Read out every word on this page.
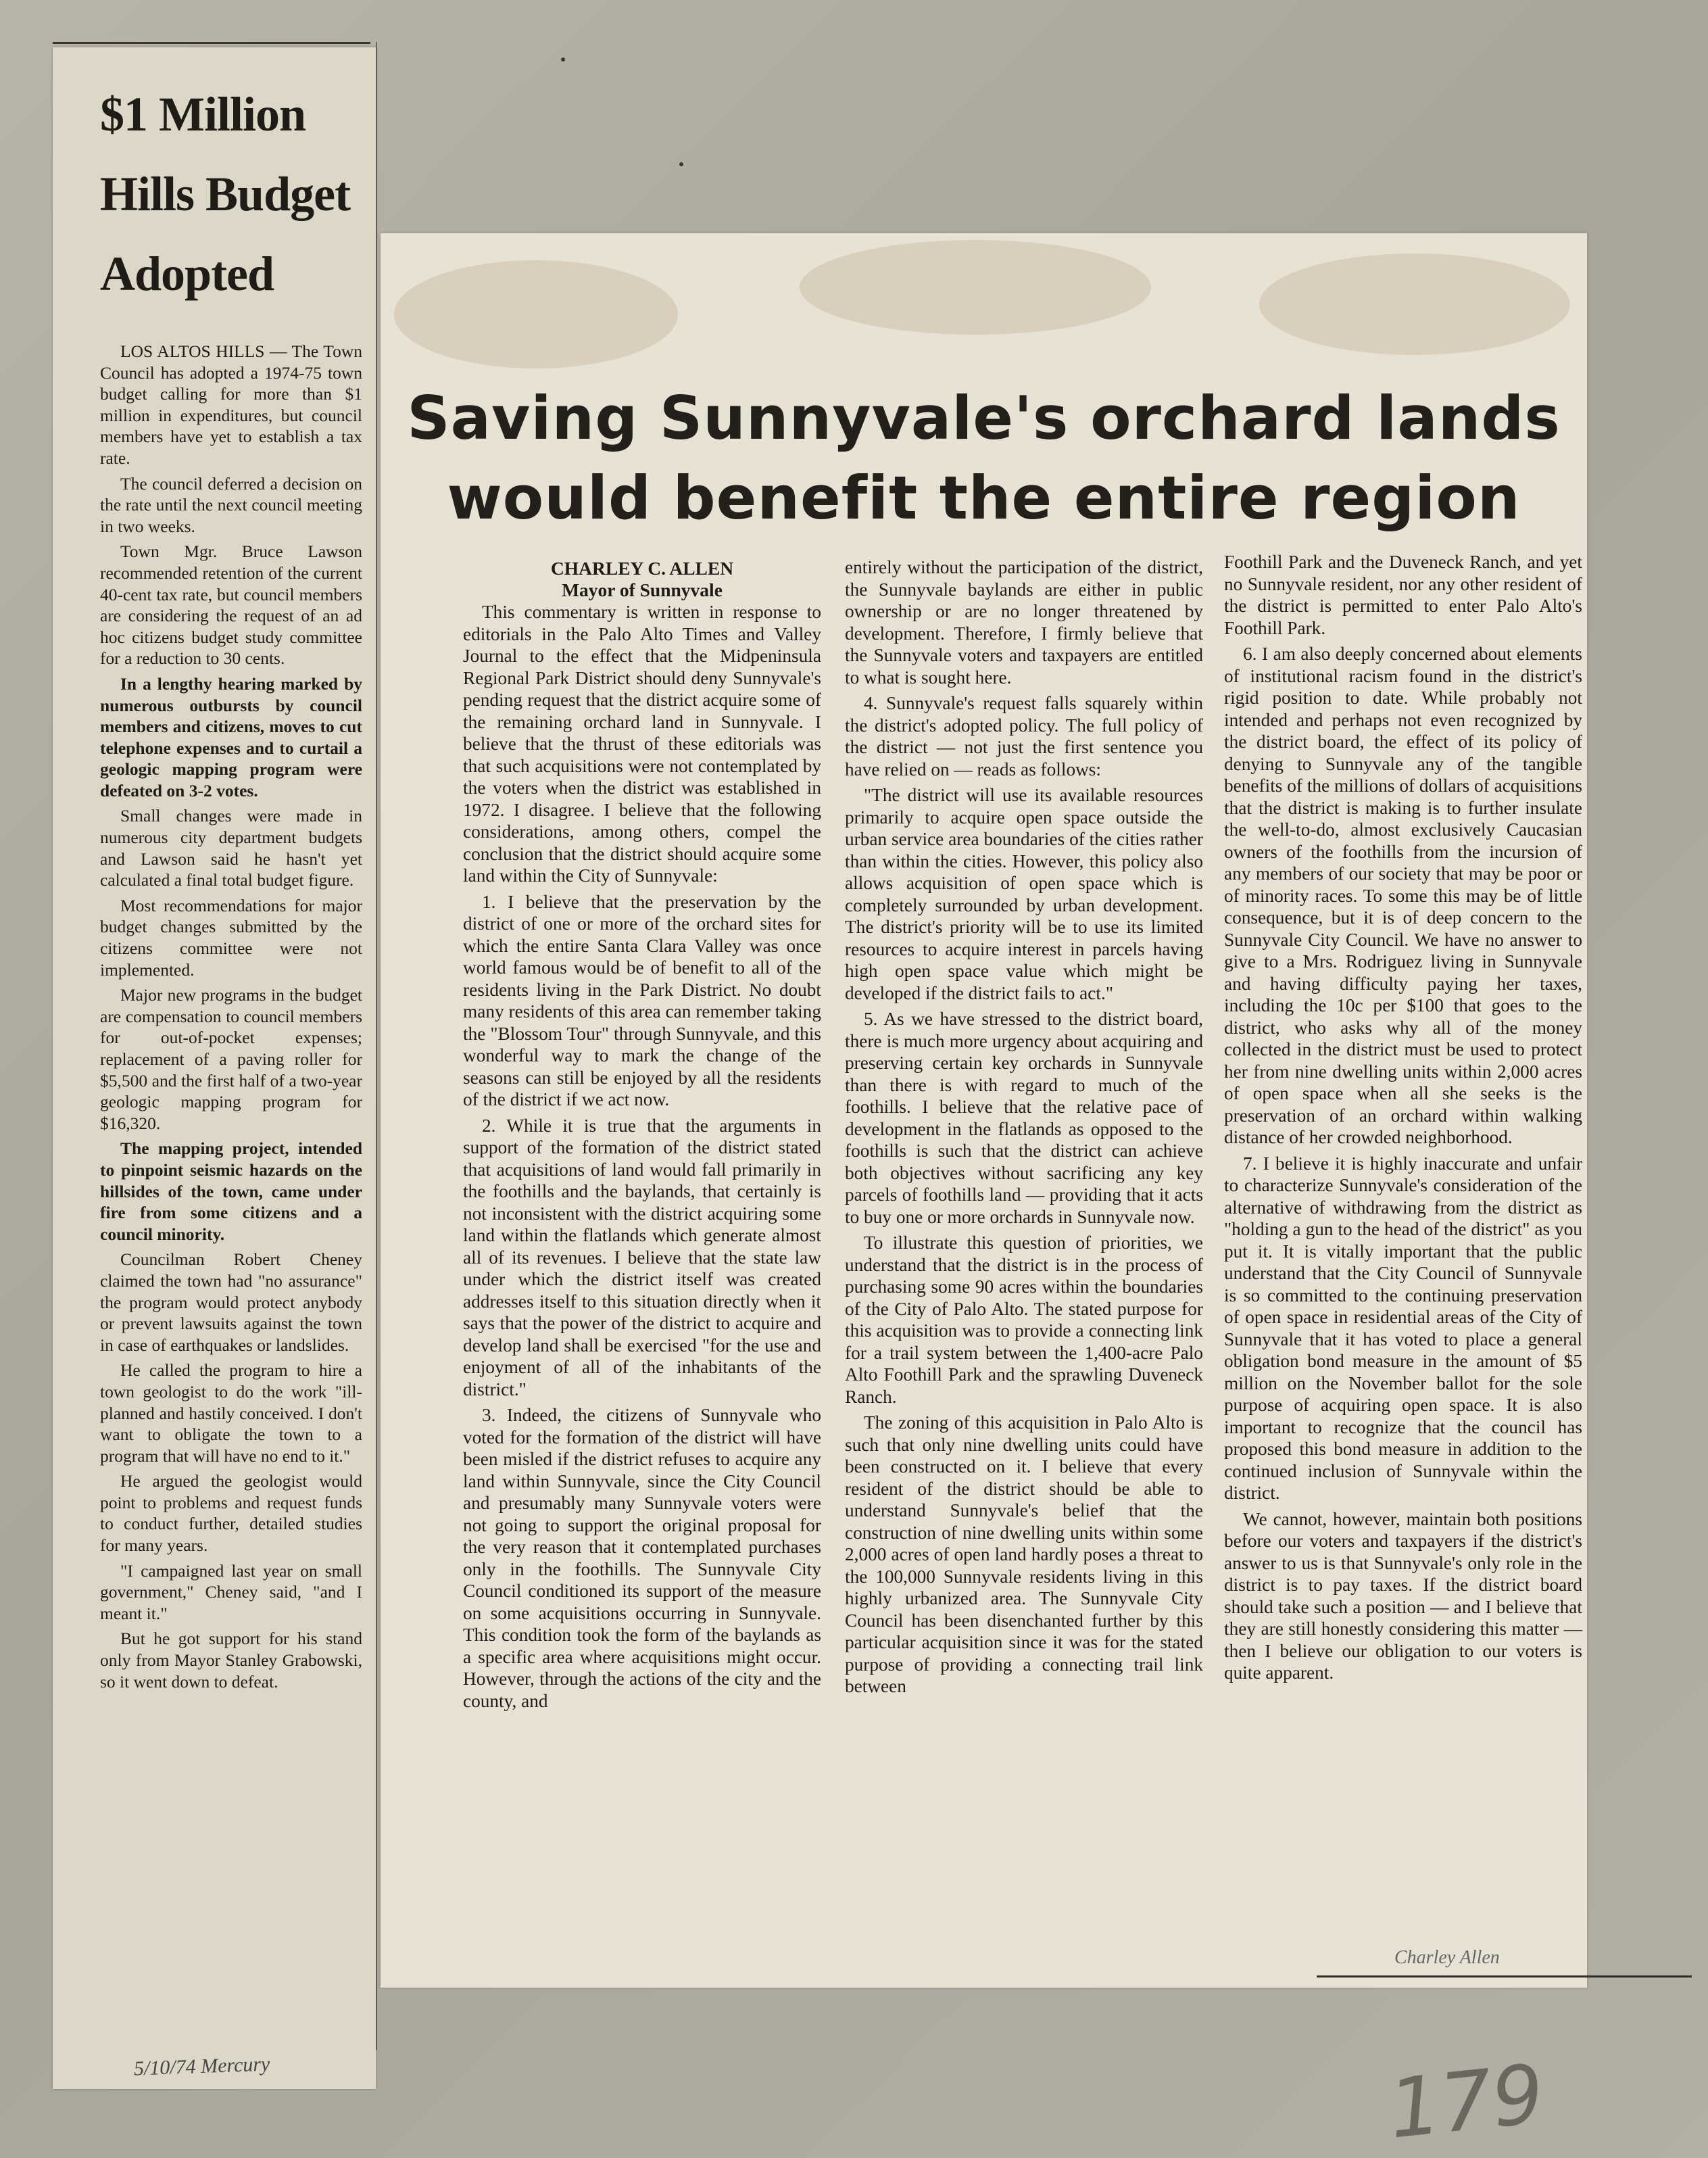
$1 Million Hills Budget Adopted

LOS ALTOS HILLS — The Town Council has adopted a 1974-75 town budget calling for more than $1 million in expenditures, but council members have yet to establish a tax rate.

The council deferred a decision on the rate until the next council meeting in two weeks.

Town Mgr. Bruce Lawson recommended retention of the current 40-cent tax rate, but council members are considering the request of an ad hoc citizens budget study committee for a reduction to 30 cents.

In a lengthy hearing marked by numerous outbursts by council members and citizens, moves to cut telephone expenses and to curtail a geologic mapping program were defeated on 3-2 votes.

Small changes were made in numerous city department budgets and Lawson said he hasn't yet calculated a final total budget figure.

Most recommendations for major budget changes submitted by the citizens committee were not implemented.

Major new programs in the budget are compensation to council members for out-of-pocket expenses; replacement of a paving roller for $5,500 and the first half of a two-year geologic mapping program for $16,320.

The mapping project, intended to pinpoint seismic hazards on the hillsides of the town, came under fire from some citizens and a council minority.

Councilman Robert Cheney claimed the town had "no assurance" the program would protect anybody or prevent lawsuits against the town in case of earthquakes or landslides.

He called the program to hire a town geologist to do the work "ill-planned and hastily conceived. I don't want to obligate the town to a program that will have no end to it."

He argued the geologist would point to problems and request funds to conduct further, detailed studies for many years.

"I campaigned last year on small government," Cheney said, "and I meant it."

But he got support for his stand only from Mayor Stanley Grabowski, so it went down to defeat.

5/10/74 Mercury
Saving Sunnyvale's orchard lands
would benefit the entire region
CHARLEY C. ALLEN
Mayor of Sunnyvale

This commentary is written in response to editorials in the Palo Alto Times and Valley Journal to the effect that the Midpeninsula Regional Park District should deny Sunnyvale's pending request that the district acquire some of the remaining orchard land in Sunnyvale. I believe that the thrust of these editorials was that such acquisitions were not contemplated by the voters when the district was established in 1972. I disagree. I believe that the following considerations, among others, compel the conclusion that the district should acquire some land within the City of Sunnyvale:

1. I believe that the preservation by the district of one or more of the orchard sites for which the entire Santa Clara Valley was once world famous would be of benefit to all of the residents living in the Park District. No doubt many residents of this area can remember taking the "Blossom Tour" through Sunnyvale, and this wonderful way to mark the change of the seasons can still be enjoyed by all the residents of the district if we act now.

2. While it is true that the arguments in support of the formation of the district stated that acquisitions of land would fall primarily in the foothills and the baylands, that certainly is not inconsistent with the district acquiring some land within the flatlands which generate almost all of its revenues. I believe that the state law under which the district itself was created addresses itself to this situation directly when it says that the power of the district to acquire and develop land shall be exercised "for the use and enjoyment of all of the inhabitants of the district."

3. Indeed, the citizens of Sunnyvale who voted for the formation of the district will have been misled if the district refuses to acquire any land within Sunnyvale, since the City Council and presumably many Sunnyvale voters were not going to support the original proposal for the very reason that it contemplated purchases only in the foothills. The Sunnyvale City Council conditioned its support of the measure on some acquisitions occurring in Sunnyvale. This condition took the form of the baylands as a specific area where acquisitions might occur. However, through the actions of the city and the county, and

entirely without the participation of the district, the Sunnyvale baylands are either in public ownership or are no longer threatened by development. Therefore, I firmly believe that the Sunnyvale voters and taxpayers are entitled to what is sought here.

4. Sunnyvale's request falls squarely within the district's adopted policy. The full policy of the district — not just the first sentence you have relied on — reads as follows:

"The district will use its available resources primarily to acquire open space outside the urban service area boundaries of the cities rather than within the cities. However, this policy also allows acquisition of open space which is completely surrounded by urban development. The district's priority will be to use its limited resources to acquire interest in parcels having high open space value which might be developed if the district fails to act."

5. As we have stressed to the district board, there is much more urgency about acquiring and preserving certain key orchards in Sunnyvale than there is with regard to much of the foothills. I believe that the relative pace of development in the flatlands as opposed to the foothills is such that the district can achieve both objectives without sacrificing any key parcels of foothills land — providing that it acts to buy one or more orchards in Sunnyvale now.

To illustrate this question of priorities, we understand that the district is in the process of purchasing some 90 acres within the boundaries of the City of Palo Alto. The stated purpose for this acquisition was to provide a connecting link for a trail system between the 1,400-acre Palo Alto Foothill Park and the sprawling Duveneck Ranch.

The zoning of this acquisition in Palo Alto is such that only nine dwelling units could have been constructed on it. I believe that every resident of the district should be able to understand Sunnyvale's belief that the construction of nine dwelling units within some 2,000 acres of open land hardly poses a threat to the 100,000 Sunnyvale residents living in this highly urbanized area. The Sunnyvale City Council has been disenchanted further by this particular acquisition since it was for the stated purpose of providing a connecting trail link between

Foothill Park and the Duveneck Ranch, and yet no Sunnyvale resident, nor any other resident of the district is permitted to enter Palo Alto's Foothill Park.

6. I am also deeply concerned about elements of institutional racism found in the district's rigid position to date. While probably not intended and perhaps not even recognized by the district board, the effect of its policy of denying to Sunnyvale any of the tangible benefits of the millions of dollars of acquisitions that the district is making is to further insulate the well-to-do, almost exclusively Caucasian owners of the foothills from the incursion of any members of our society that may be poor or of minority races. To some this may be of little consequence, but it is of deep concern to the Sunnyvale City Council. We have no answer to give to a Mrs. Rodriguez living in Sunnyvale and having difficulty paying her taxes, including the 10c per $100 that goes to the district, who asks why all of the money collected in the district must be used to protect her from nine dwelling units within 2,000 acres of open space when all she seeks is the preservation of an orchard within walking distance of her crowded neighborhood.

7. I believe it is highly inaccurate and unfair to characterize Sunnyvale's consideration of the alternative of withdrawing from the district as "holding a gun to the head of the district" as you put it. It is vitally important that the public understand that the City Council of Sunnyvale is so committed to the continuing preservation of open space in residential areas of the City of Sunnyvale that it has voted to place a general obligation bond measure in the amount of $5 million on the November ballot for the sole purpose of acquiring open space. It is also important to recognize that the council has proposed this bond measure in addition to the continued inclusion of Sunnyvale within the district.

We cannot, however, maintain both positions before our voters and taxpayers if the district's answer to us is that Sunnyvale's only role in the district is to pay taxes. If the district board should take such a position — and I believe that they are still honestly considering this matter — then I believe our obligation to our voters is quite apparent.

Charley Allen
179
